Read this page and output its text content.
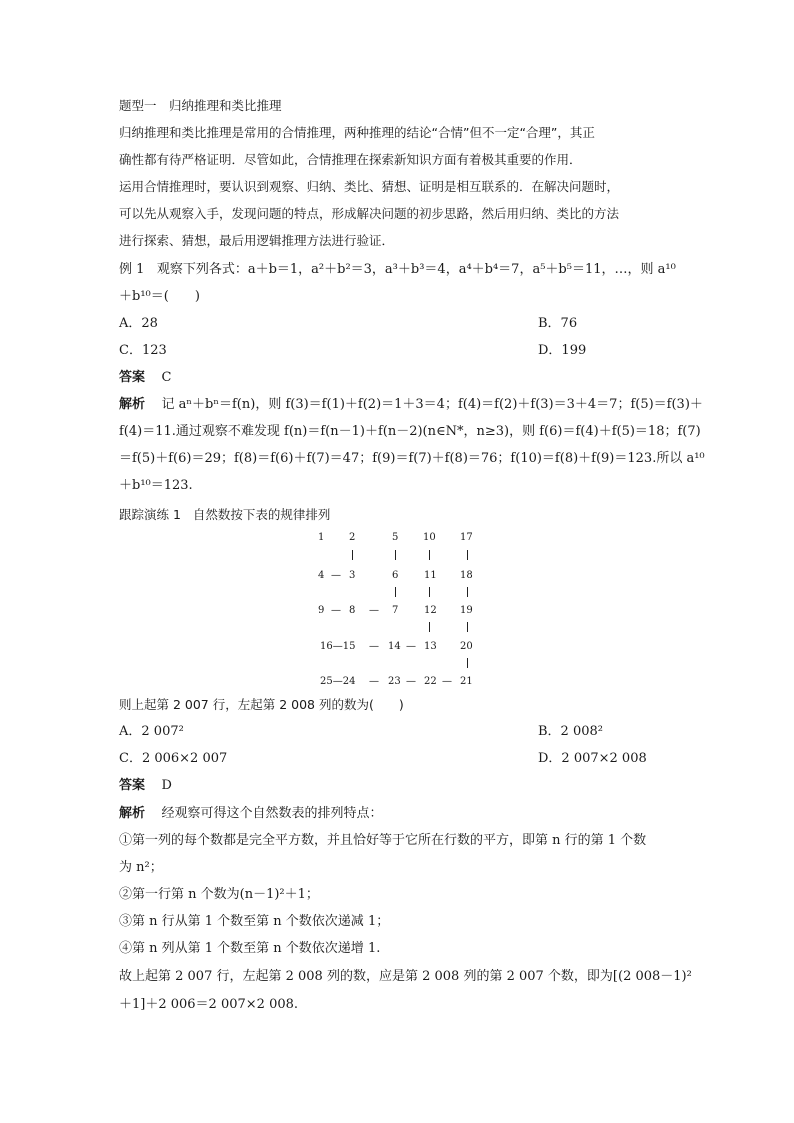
题型一　归纳推理和类比推理
归纳推理和类比推理是常用的合情推理，两种推理的结论“合情”但不一定“合理”，其正
确性都有待严格证明．尽管如此，合情推理在探索新知识方面有着极其重要的作用．
运用合情推理时，要认识到观察、归纳、类比、猜想、证明是相互联系的．在解决问题时，
可以先从观察入手，发现问题的特点，形成解决问题的初步思路，然后用归纳、类比的方法
进行探索、猜想，最后用逻辑推理方法进行验证．
例 1 观察下列各式：a＋b＝1，a²＋b²＝3，a³＋b³＝4，a⁴＋b⁴＝7，a⁵＋b⁵＝11，…，则 a¹⁰
＋b¹⁰＝(　　)
A．28	B．76
C．123	D．199
答案 C
解析 记 aⁿ＋bⁿ＝f(n)，则 f(3)＝f(1)＋f(2)＝1＋3＝4；f(4)＝f(2)＋f(3)＝3＋4＝7；f(5)＝f(3)＋
f(4)＝11.通过观察不难发现 f(n)＝f(n－1)＋f(n－2)(n∈N*，n≥3)，则 f(6)＝f(4)＋f(5)＝18；f(7)
＝f(5)＋f(6)＝29；f(8)＝f(6)＋f(7)＝47；f(9)＝f(7)＋f(8)＝76；f(10)＝f(8)＋f(9)＝123.所以 a¹⁰
＋b¹⁰＝123.
跟踪演练 1 自然数按下表的规律排列
1 2	5 10 17
4 — 3	6	11 18
9 — 8 — 7	12 19
16—15 — 14 — 13 20
25—24 — 23 — 22 — 21
则上起第 2 007 行，左起第 2 008 列的数为(　　)
A．2 007²	B．2 008²
C．2 006×2 007	D．2 007×2 008
答案 D
解析 经观察可得这个自然数表的排列特点：
①第一列的每个数都是完全平方数，并且恰好等于它所在行数的平方，即第 n 行的第 1 个数
为 n²；
②第一行第 n 个数为(n－1)²＋1；
③第 n 行从第 1 个数至第 n 个数依次递减 1；
④第 n 列从第 1 个数至第 n 个数依次递增 1.
故上起第 2 007 行，左起第 2 008 列的数，应是第 2 008 列的第 2 007 个数，即为[(2 008－1)²
＋1]＋2 006＝2 007×2 008.
